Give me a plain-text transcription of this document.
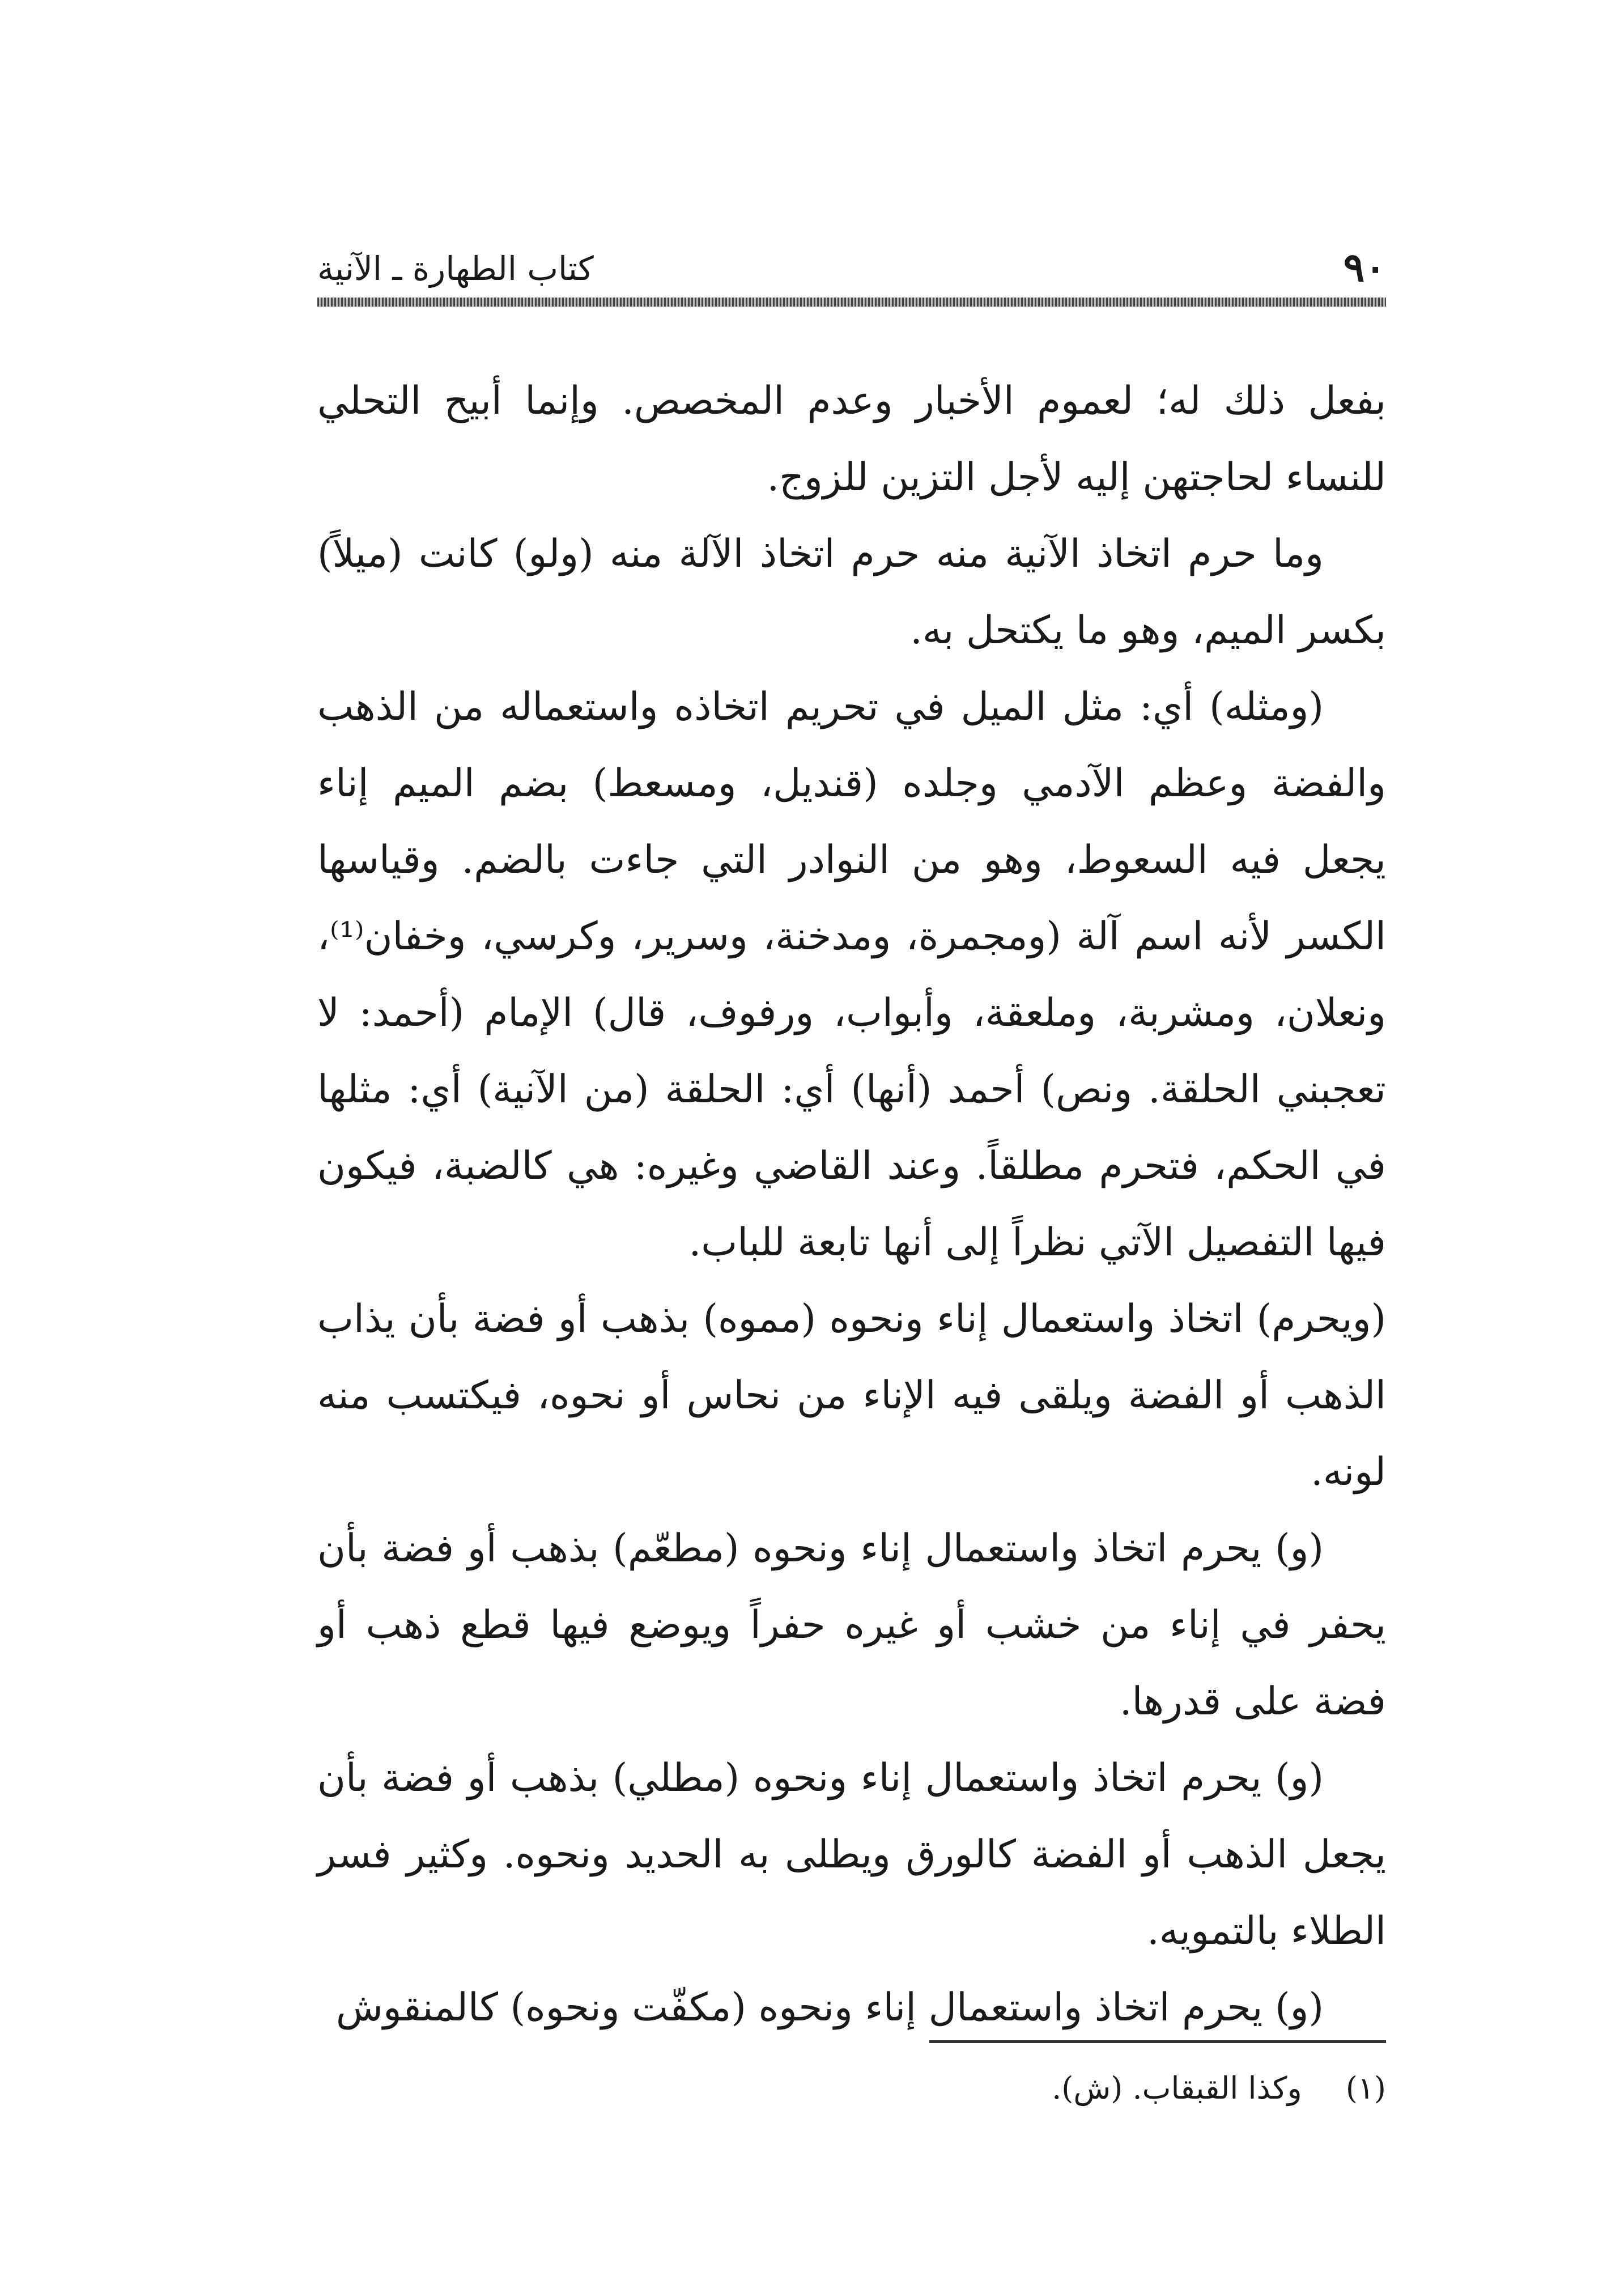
٩٠
كتاب الطهارة ـ الآنية

بفعل ذلك له؛ لعموم الأخبار وعدم المخصص. وإنما أبيح التحلي للنساء لحاجتهن إليه لأجل التزين للزوج.

وما حرم اتخاذ الآنية منه حرم اتخاذ الآلة منه (ولو) كانت (ميلاً) بكسر الميم، وهو ما يكتحل به.

(ومثله) أي: مثل الميل في تحريم اتخاذه واستعماله من الذهب والفضة وعظم الآدمي وجلده (قنديل، ومسعط) بضم الميم إناء يجعل فيه السعوط، وهو من النوادر التي جاءت بالضم. وقياسها الكسر لأنه اسم آلة (ومجمرة، ومدخنة، وسرير، وكرسي، وخفان⁽¹⁾، ونعلان، ومشربة، وملعقة، وأبواب، ورفوف، قال) الإمام (أحمد: لا تعجبني الحلقة. ونص) أحمد (أنها) أي: الحلقة (من الآنية) أي: مثلها في الحكم، فتحرم مطلقاً. وعند القاضي وغيره: هي كالضبة، فيكون فيها التفصيل الآتي نظراً إلى أنها تابعة للباب.

(ويحرم) اتخاذ واستعمال إناء ونحوه (مموه) بذهب أو فضة بأن يذاب الذهب أو الفضة ويلقى فيه الإناء من نحاس أو نحوه، فيكتسب منه لونه.

(و) يحرم اتخاذ واستعمال إناء ونحوه (مطعّم) بذهب أو فضة بأن يحفر في إناء من خشب أو غيره حفراً ويوضع فيها قطع ذهب أو فضة على قدرها.

(و) يحرم اتخاذ واستعمال إناء ونحوه (مطلي) بذهب أو فضة بأن يجعل الذهب أو الفضة كالورق ويطلى به الحديد ونحوه. وكثير فسر الطلاء بالتمويه.

(و) يحرم اتخاذ واستعمال إناء ونحوه (مكفّت ونحوه) كالمنقوش

(١) وكذا القبقاب. (ش).
